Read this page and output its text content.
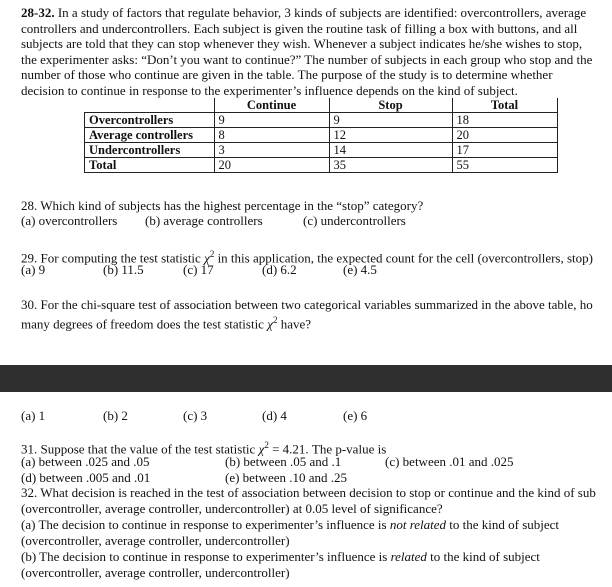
28-32. In a study of factors that regulate behavior, 3 kinds of subjects are identified: overcontrollers, average controllers and undercontrollers. Each subject is given the routine task of filling a box with buttons, and all subjects are told that they can stop whenever they wish. Whenever a subject indicates he/she wishes to stop, the experimenter asks: “Don’t you want to continue?” The number of subjects in each group who stop and the number of those who continue are given in the table. The purpose of the study is to determine whether decision to continue in response to the experimenter’s influence depends on the kind of subject.

	Continue	Stop	Total
Overcontrollers	9	9	18
Average controllers	8	12	20
Undercontrollers	3	14	17
Total	20	35	55
28. Which kind of subjects has the highest percentage in the “stop” category?
(a) overcontrollers (b) average controllers	(c) undercontrollers
29. For computing the test statistic $\chi^2$ in this application, the expected count for the cell (overcontrollers, stop)
(a) 9	(b) 11.5	(c) 17	(d) 6.2	(e) 4.5
30. For the chi-square test of association between two categorical variables summarized in the above table, ho
many degrees of freedom does the test statistic $\chi^2$ have?
(a) 1	(b) 2	(c) 3	(d) 4	(e) 6
31. Suppose that the value of the test statistic $\chi^2 = 4.21$. The p-value is
(a) between .025 and .05	(b) between .05 and .1	(c) between .01 and .025
(d) between .005 and .01	(e) between .10 and .25
32. What decision is reached in the test of association between decision to stop or continue and the kind of sub (overcontroller, average controller, undercontroller) at 0.05 level of significance?
(a) The decision to continue in response to experimenter’s influence is not related to the kind of subject (overcontroller, average controller, undercontroller)
(b) The decision to continue in response to experimenter’s influence is related to the kind of subject (overcontroller, average controller, undercontroller)
